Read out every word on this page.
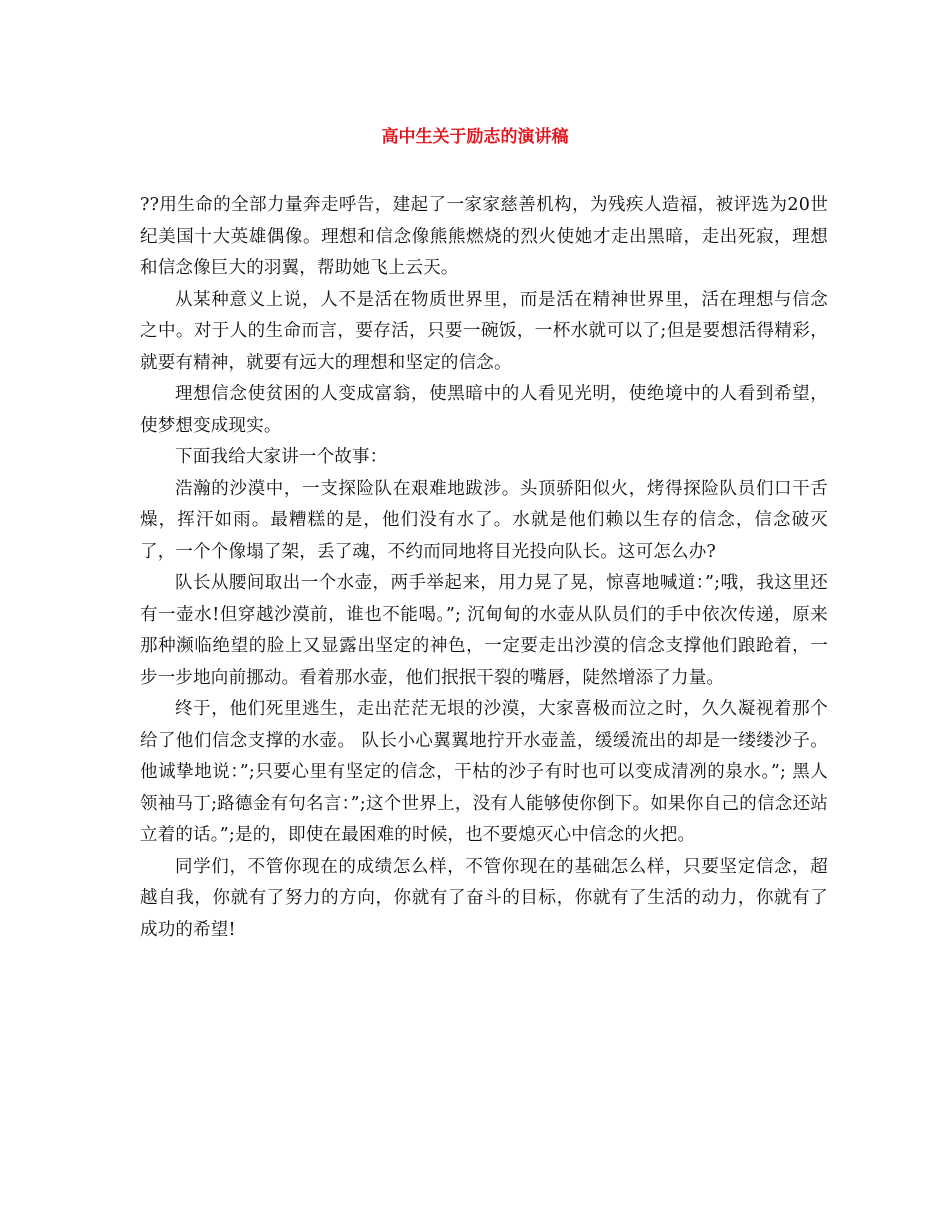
高中生关于励志的演讲稿

??用生命的全部力量奔走呼告，建起了一家家慈善机构，为残疾人造福，被评选为20世纪美国十大英雄偶像。理想和信念像熊熊燃烧的烈火使她才走出黑暗，走出死寂，理想和信念像巨大的羽翼，帮助她飞上云天。

从某种意义上说，人不是活在物质世界里，而是活在精神世界里，活在理想与信念之中。对于人的生命而言，要存活，只要一碗饭，一杯水就可以了;但是要想活得精彩，就要有精神，就要有远大的理想和坚定的信念。

理想信念使贫困的人变成富翁，使黑暗中的人看见光明，使绝境中的人看到希望，使梦想变成现实。

下面我给大家讲一个故事：

浩瀚的沙漠中，一支探险队在艰难地跋涉。头顶骄阳似火，烤得探险队员们口干舌燥，挥汗如雨。最糟糕的是，他们没有水了。水就是他们赖以生存的信念，信念破灭了，一个个像塌了架，丢了魂，不约而同地将目光投向队长。这可怎么办?

队长从腰间取出一个水壶，两手举起来，用力晃了晃，惊喜地喊道：”;哦，我这里还有一壶水!但穿越沙漠前，谁也不能喝。”; 沉甸甸的水壶从队员们的手中依次传递，原来那种濒临绝望的脸上又显露出坚定的神色，一定要走出沙漠的信念支撑他们踉跄着，一步一步地向前挪动。看着那水壶，他们抿抿干裂的嘴唇，陡然增添了力量。

终于，他们死里逃生，走出茫茫无垠的沙漠，大家喜极而泣之时，久久凝视着那个给了他们信念支撑的水壶。 队长小心翼翼地拧开水壶盖，缓缓流出的却是一缕缕沙子。他诚挚地说：”;只要心里有坚定的信念，干枯的沙子有时也可以变成清冽的泉水。”; 黑人领袖马丁;路德金有句名言：”;这个世界上，没有人能够使你倒下。如果你自己的信念还站立着的话。”;是的，即使在最困难的时候，也不要熄灭心中信念的火把。

同学们，不管你现在的成绩怎么样，不管你现在的基础怎么样，只要坚定信念，超越自我，你就有了努力的方向，你就有了奋斗的目标，你就有了生活的动力，你就有了成功的希望!
